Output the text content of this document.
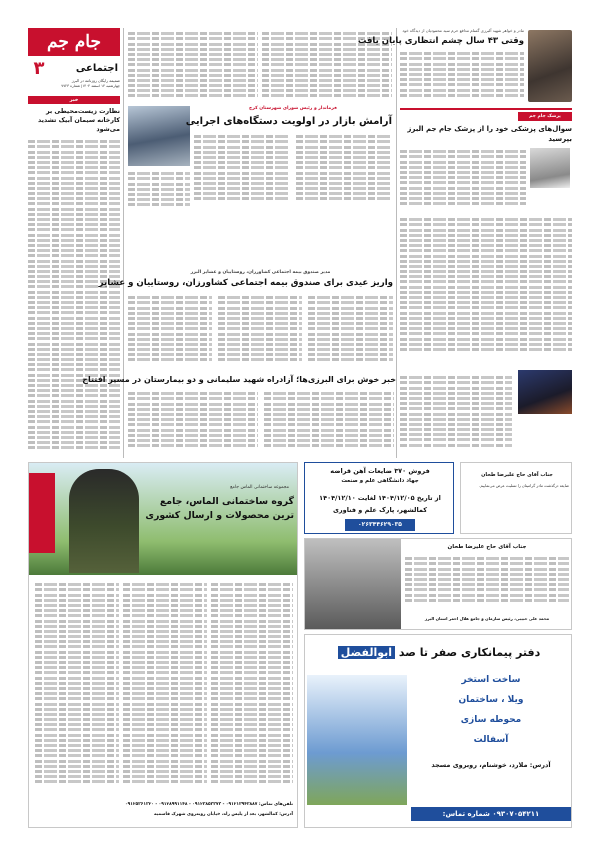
جام جم
۳	اجتماعی
ضمیمه رایگان روزنامه در البرز
چهارشنبه ۱۴ اسفند ۱۴۰۴| شماره ۷۷۲۳
مادر و خواهر شهید آلبرزی گمنام مدافع حرم سید محمودیان از دیدگاه خود
وقتی ۴۳ سال چشم انتظاری پایان یافت
فرماندار و رئیس شورای شهرستان کرج
آرامش بازار در اولویت دستگاه‌های اجرایی
خبر
نظارت زیست‌محیطی بر کارخانه سیمان آبیک تشدید می‌شود
پزشک جام جم
سوال‌های پزشکی خود را از پزشک جام جم البرز بپرسید
مدیر صندوق بیمه اجتماعی کشاورزان، روستاییان و عشایر البرز
واریز عیدی برای صندوق بیمه اجتماعی کشاورزان، روستاییان و عشایر
خبر خوش برای البرزی‌ها؛ آزادراه شهید سلیمانی و دو بیمارستان در مسیر افتتاح
مجموعه ساختمانی الماس جامع
گروه ساختمانی الماس، جامع
ترین محصولات و ارسال کشوری
تلفن‌های تماس: ۰۹۱۲۱۳۹۴۳۸۸۷ - ۰۹۱۲۳۸۵۳۳۷۳ - ۰۹۱۲۸۹۹۱۱۴۸ - ۰۹۱۲۵۳۶۱۳۲۰
آدرس: کمالشهر، بعد از پلیس راه، خیابان روبه‌روی شهرک قاسمیه
فروش ۳۷۰ ضایعات آهن قراضه
جهاد دانشگاهی علم و صنعت
از تاریخ ۱۴۰۴/۱۲/۰۵ لغایت ۱۴۰۴/۱۲/۱۰
کمالشهر، پارک علم و فناوری
۰۲۶۳۴۴۶۲۹۰۳۵
جناب آقای حاج علیرضا طحان
ضایعه درگذشت مادر گرامیتان را تسلیت عرض می‌نماییم.
جناب آقای حاج علیرضا طحان
محمد علی حبیبی، رئیس سازمان و جامع هلال احمر استان البرز
دفتر پیمانکاری صفر تا صد ابوالفضل
ساخت استخر
ویلا ، ساختمان
محوطه سازی
آسفالت
آدرس: ملارد، خوشنام، روبروی مسجد
۰۹۳۰۷۰۵۴۲۱۱ شماره تماس:
